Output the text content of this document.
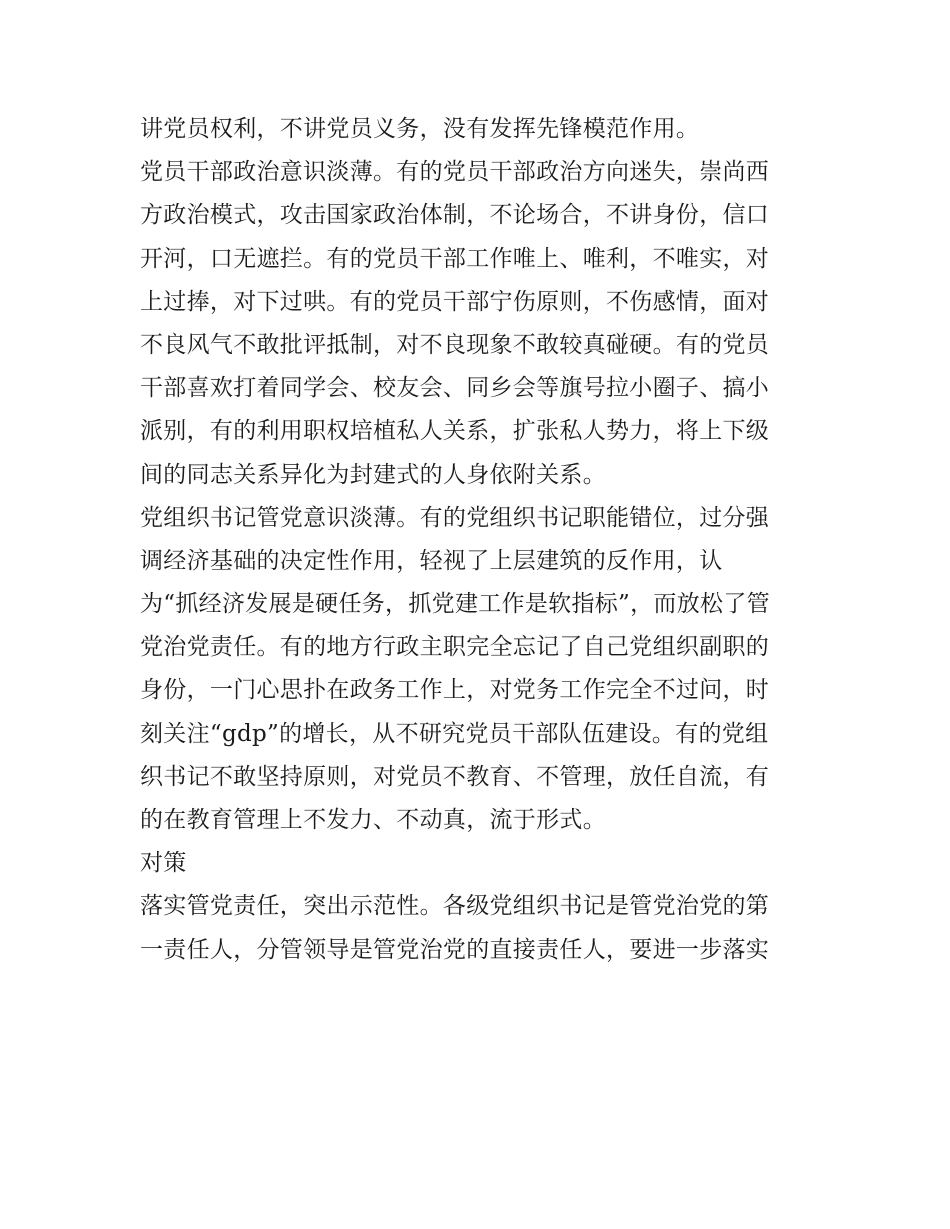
讲党员权利，不讲党员义务，没有发挥先锋模范作用。
党员干部政治意识淡薄。有的党员干部政治方向迷失，崇尚西
方政治模式，攻击国家政治体制，不论场合，不讲身份，信口
开河，口无遮拦。有的党员干部工作唯上、唯利，不唯实，对
上过捧，对下过哄。有的党员干部宁伤原则，不伤感情，面对
不良风气不敢批评抵制，对不良现象不敢较真碰硬。有的党员
干部喜欢打着同学会、校友会、同乡会等旗号拉小圈子、搞小
派别，有的利用职权培植私人关系，扩张私人势力，将上下级
间的同志关系异化为封建式的人身依附关系。
党组织书记管党意识淡薄。有的党组织书记职能错位，过分强
调经济基础的决定性作用，轻视了上层建筑的反作用，认
为“抓经济发展是硬任务，抓党建工作是软指标”，而放松了管
党治党责任。有的地方行政主职完全忘记了自己党组织副职的
身份，一门心思扑在政务工作上，对党务工作完全不过问，时
刻关注“gdp”的增长，从不研究党员干部队伍建设。有的党组
织书记不敢坚持原则，对党员不教育、不管理，放任自流，有
的在教育管理上不发力、不动真，流于形式。
对策
落实管党责任，突出示范性。各级党组织书记是管党治党的第
一责任人，分管领导是管党治党的直接责任人，要进一步落实
